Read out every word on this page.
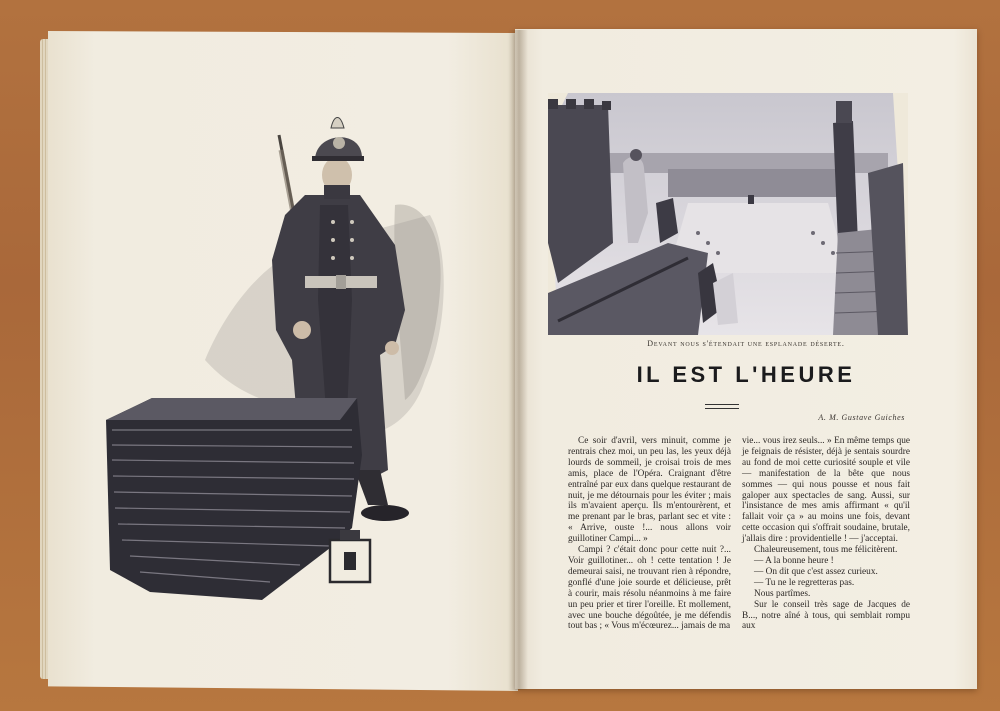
Devant nous s'étendait une esplanade déserte.
IL EST L'HEURE
A. M. Gustave Guiches

Ce soir d'avril, vers minuit, comme je rentrais chez moi, un peu las, les yeux déjà lourds de sommeil, je croisai trois de mes amis, place de l'Opéra. Craignant d'être entraîné par eux dans quelque restaurant de nuit, je me détournais pour les éviter ; mais ils m'avaient aperçu. Ils m'entourèrent, et me prenant par le bras, parlant sec et vite : « Arrive, ouste !... nous allons voir guillotiner Campi... »

Campi ? c'était donc pour cette nuit ?... Voir guillotiner... oh ! cette tentation ! Je demeurai saisi, ne trouvant rien à répondre, gonflé d'une joie sourde et délicieuse, prêt à courir, mais résolu néanmoins à me faire un peu prier et tirer l'oreille. Et mollement, avec une bouche dégoûtée, je me défendis tout bas ; « Vous m'écœurez... jamais de ma

vie... vous irez seuls... » En même temps que je feignais de résister, déjà je sentais sourdre au fond de moi cette curiosité souple et vile — manifestation de la bête que nous sommes — qui nous pousse et nous fait galoper aux spectacles de sang. Aussi, sur l'insistance de mes amis affirmant « qu'il fallait voir ça » au moins une fois, devant cette occasion qui s'offrait soudaine, brutale, j'allais dire : providentielle ! — j'acceptai.

Chaleureusement, tous me félicitèrent.

— A la bonne heure !

— On dit que c'est assez curieux.

— Tu ne le regretteras pas.

Nous partîmes.

Sur le conseil très sage de Jacques de B..., notre aîné à tous, qui semblait rompu aux
